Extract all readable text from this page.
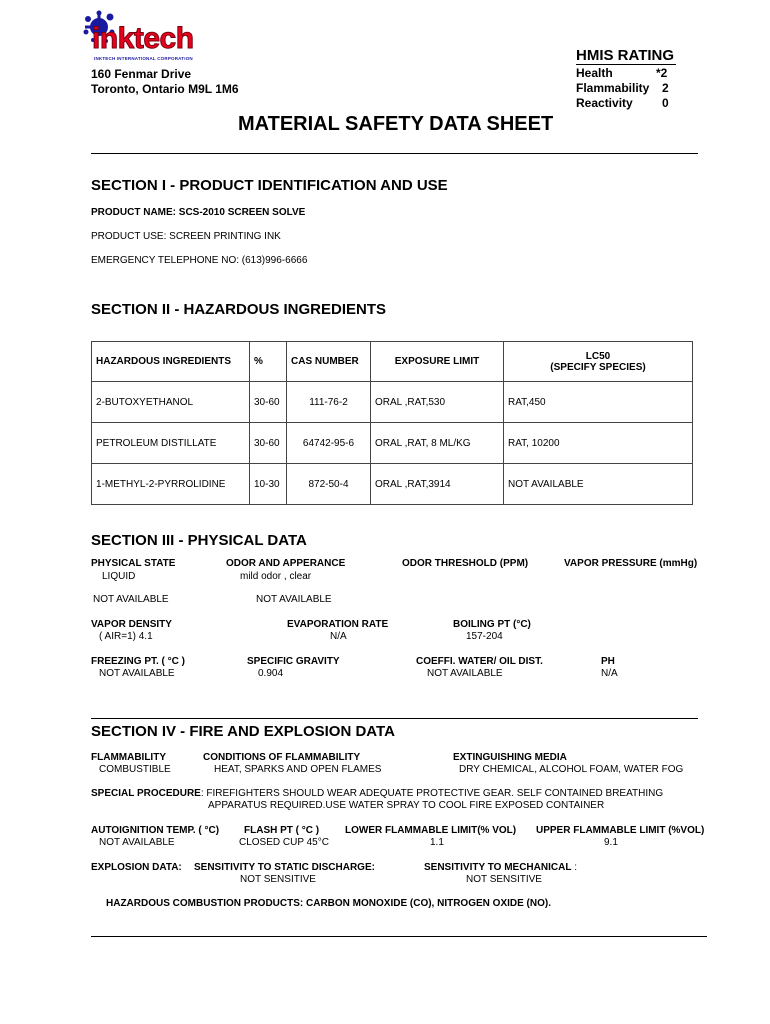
inktech
INKTECH INTERNATIONAL CORPORATION
160 Fenmar Drive
Toronto, Ontario M9L 1M6
HMIS RATING
Health	*2
Flammability 2
Reactivity 0
MATERIAL SAFETY DATA SHEET
SECTION I - PRODUCT IDENTIFICATION AND USE
PRODUCT NAME: SCS-2010 SCREEN SOLVE
PRODUCT USE: SCREEN PRINTING INK
EMERGENCY TELEPHONE NO: (613)996-6666
SECTION II - HAZARDOUS INGREDIENTS
HAZARDOUS INGREDIENTS	%	CAS NUMBER	EXPOSURE LIMIT	LC50
(SPECIFY SPECIES)

2-BUTOXYETHANOL	30-60	111-76-2	ORAL ,RAT,530	RAT,450
PETROLEUM DISTILLATE	30-60	64742-95-6	ORAL ,RAT, 8 ML/KG	RAT, 10200
1-METHYL-2-PYRROLIDINE	10-30	872-50-4	ORAL ,RAT,3914	NOT AVAILABLE
SECTION III - PHYSICAL DATA
PHYSICAL STATE
LIQUID
ODOR AND APPERANCE
mild odor , clear
ODOR THRESHOLD (PPM)	VAPOR PRESSURE (mmHg)
NOT AVAILABLE	NOT AVAILABLE
VAPOR DENSITY
( AIR=1) 4.1
EVAPORATION RATE
N/A
BOILING PT (°C)
157-204
FREEZING PT. ( °C )
NOT AVAILABLE
SPECIFIC GRAVITY
0.904
COEFFI. WATER/ OIL DIST.
NOT AVAILABLE
PH
N/A
SECTION IV - FIRE AND EXPLOSION DATA
FLAMMABILITY
COMBUSTIBLE
CONDITIONS OF FLAMMABILITY
HEAT, SPARKS AND OPEN FLAMES
EXTINGUISHING MEDIA
DRY CHEMICAL, ALCOHOL FOAM, WATER FOG
SPECIAL PROCEDURE: FIREFIGHTERS SHOULD WEAR ADEQUATE PROTECTIVE GEAR. SELF CONTAINED BREATHING
APPARATUS REQUIRED.USE WATER SPRAY TO COOL FIRE EXPOSED CONTAINER
AUTOIGNITION TEMP. ( °C)
NOT AVAILABLE
FLASH PT ( °C )
CLOSED CUP 45°C
LOWER FLAMMABLE LIMIT(% VOL)
1.1
UPPER FLAMMABLE LIMIT (%VOL)
9.1
EXPLOSION DATA: SENSITIVITY TO STATIC DISCHARGE:
NOT SENSITIVE
SENSITIVITY TO MECHANICAL :
NOT SENSITIVE
HAZARDOUS COMBUSTION PRODUCTS: CARBON MONOXIDE (CO), NITROGEN OXIDE (NO).
